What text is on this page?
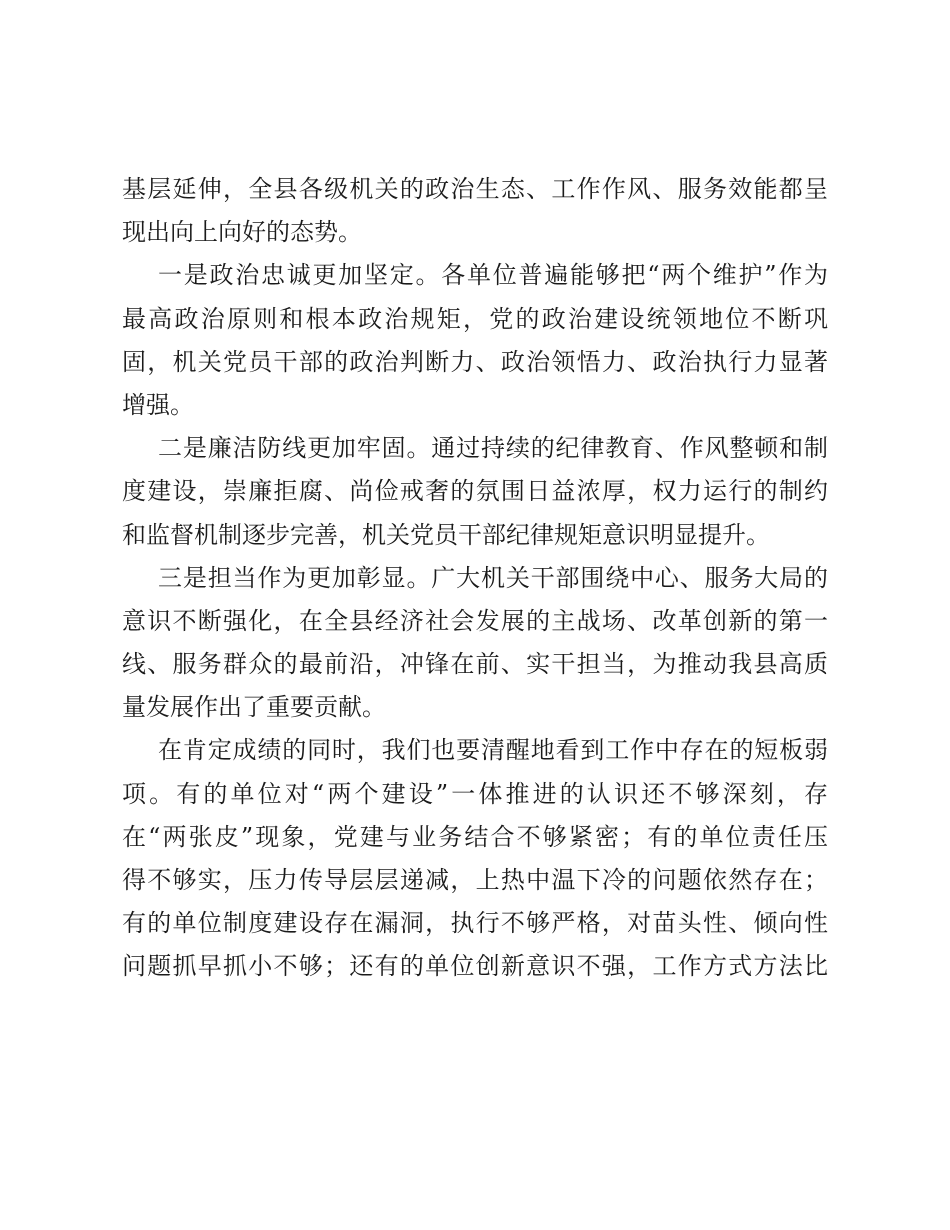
基层延伸，全县各级机关的政治生态、工作作风、服务效能都呈
现出向上向好的态势。
一是政治忠诚更加坚定。各单位普遍能够把“两个维护”作为
最高政治原则和根本政治规矩，党的政治建设统领地位不断巩
固，机关党员干部的政治判断力、政治领悟力、政治执行力显著
增强。
二是廉洁防线更加牢固。通过持续的纪律教育、作风整顿和制
度建设，崇廉拒腐、尚俭戒奢的氛围日益浓厚，权力运行的制约
和监督机制逐步完善，机关党员干部纪律规矩意识明显提升。
三是担当作为更加彰显。广大机关干部围绕中心、服务大局的
意识不断强化，在全县经济社会发展的主战场、改革创新的第一
线、服务群众的最前沿，冲锋在前、实干担当，为推动我县高质
量发展作出了重要贡献。
在肯定成绩的同时，我们也要清醒地看到工作中存在的短板弱
项。有的单位对“两个建设”一体推进的认识还不够深刻，存
在“两张皮”现象，党建与业务结合不够紧密；有的单位责任压
得不够实，压力传导层层递减，上热中温下冷的问题依然存在；
有的单位制度建设存在漏洞，执行不够严格，对苗头性、倾向性
问题抓早抓小不够；还有的单位创新意识不强，工作方式方法比
